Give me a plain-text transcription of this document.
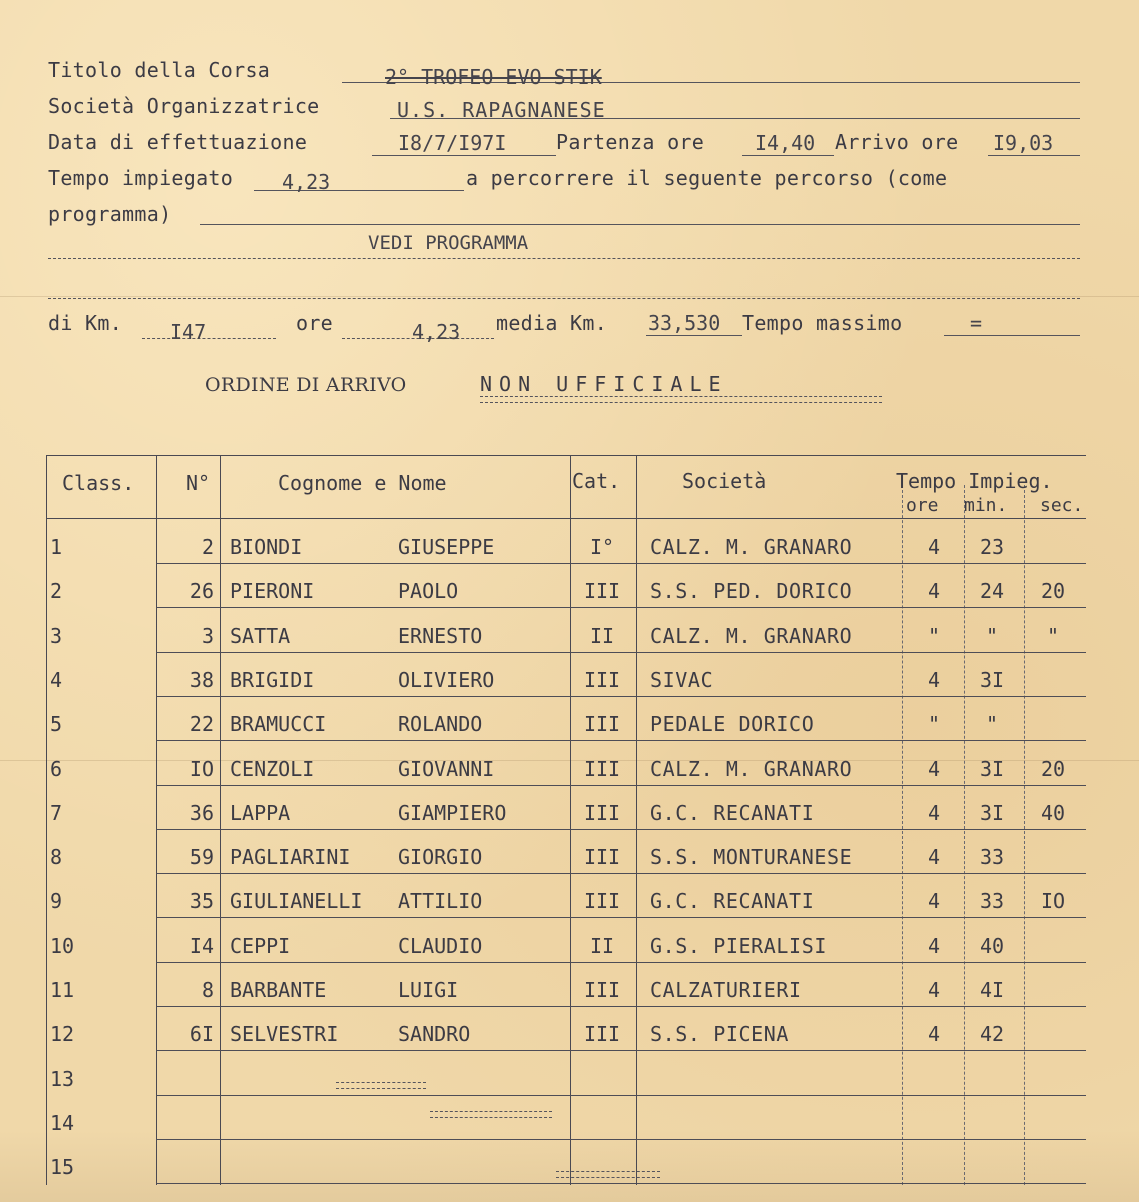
Titolo della Corsa	2° TROFEO EVO STIK
Società Organizzatrice	U.S. RAPAGNANESE
Data di effettuazione	I8/7/I97I Partenza ore	I4,40 Arrivo ore I9,03
Tempo impiegato 4,23	a percorrere il seguente percorso (come
programma)
VEDI PROGRAMMA
di Km. I47	ore	4,23 media Km. 33,530 Tempo massimo	=
ORDINE DI ARRIVO	NON UFFICIALE
Class.	N°	Cognome e Nome	Cat.	Società	Tempo Impieg.
ore min. sec.
1	2 BIONDI	GIUSEPPE	I°	CALZ. M. GRANARO	4	23
2	26 PIERONI	PAOLO	III	S.S. PED. DORICO	4	24	20
3	3 SATTA	ERNESTO	II	CALZ. M. GRANARO	"	"	"
4	38 BRIGIDI	OLIVIERO	III	SIVAC	4	3I
5	22 BRAMUCCI	ROLANDO	III	PEDALE DORICO	"	"
6	IO CENZOLI	GIOVANNI	III	CALZ. M. GRANARO	4	3I	20
7	36 LAPPA	GIAMPIERO	III	G.C. RECANATI	4	3I	40
8	59 PAGLIARINI GIORGIO	III	S.S. MONTURANESE	4	33
9	35 GIULIANELLI ATTILIO	III	G.C. RECANATI	4	33	IO
10	I4 CEPPI	CLAUDIO	II	G.S. PIERALISI	4	40
11	8 BARBANTE	LUIGI	III	CALZATURIERI	4	4I
12	6I SELVESTRI	SANDRO	III	S.S. PICENA	4	42
13
14
15
